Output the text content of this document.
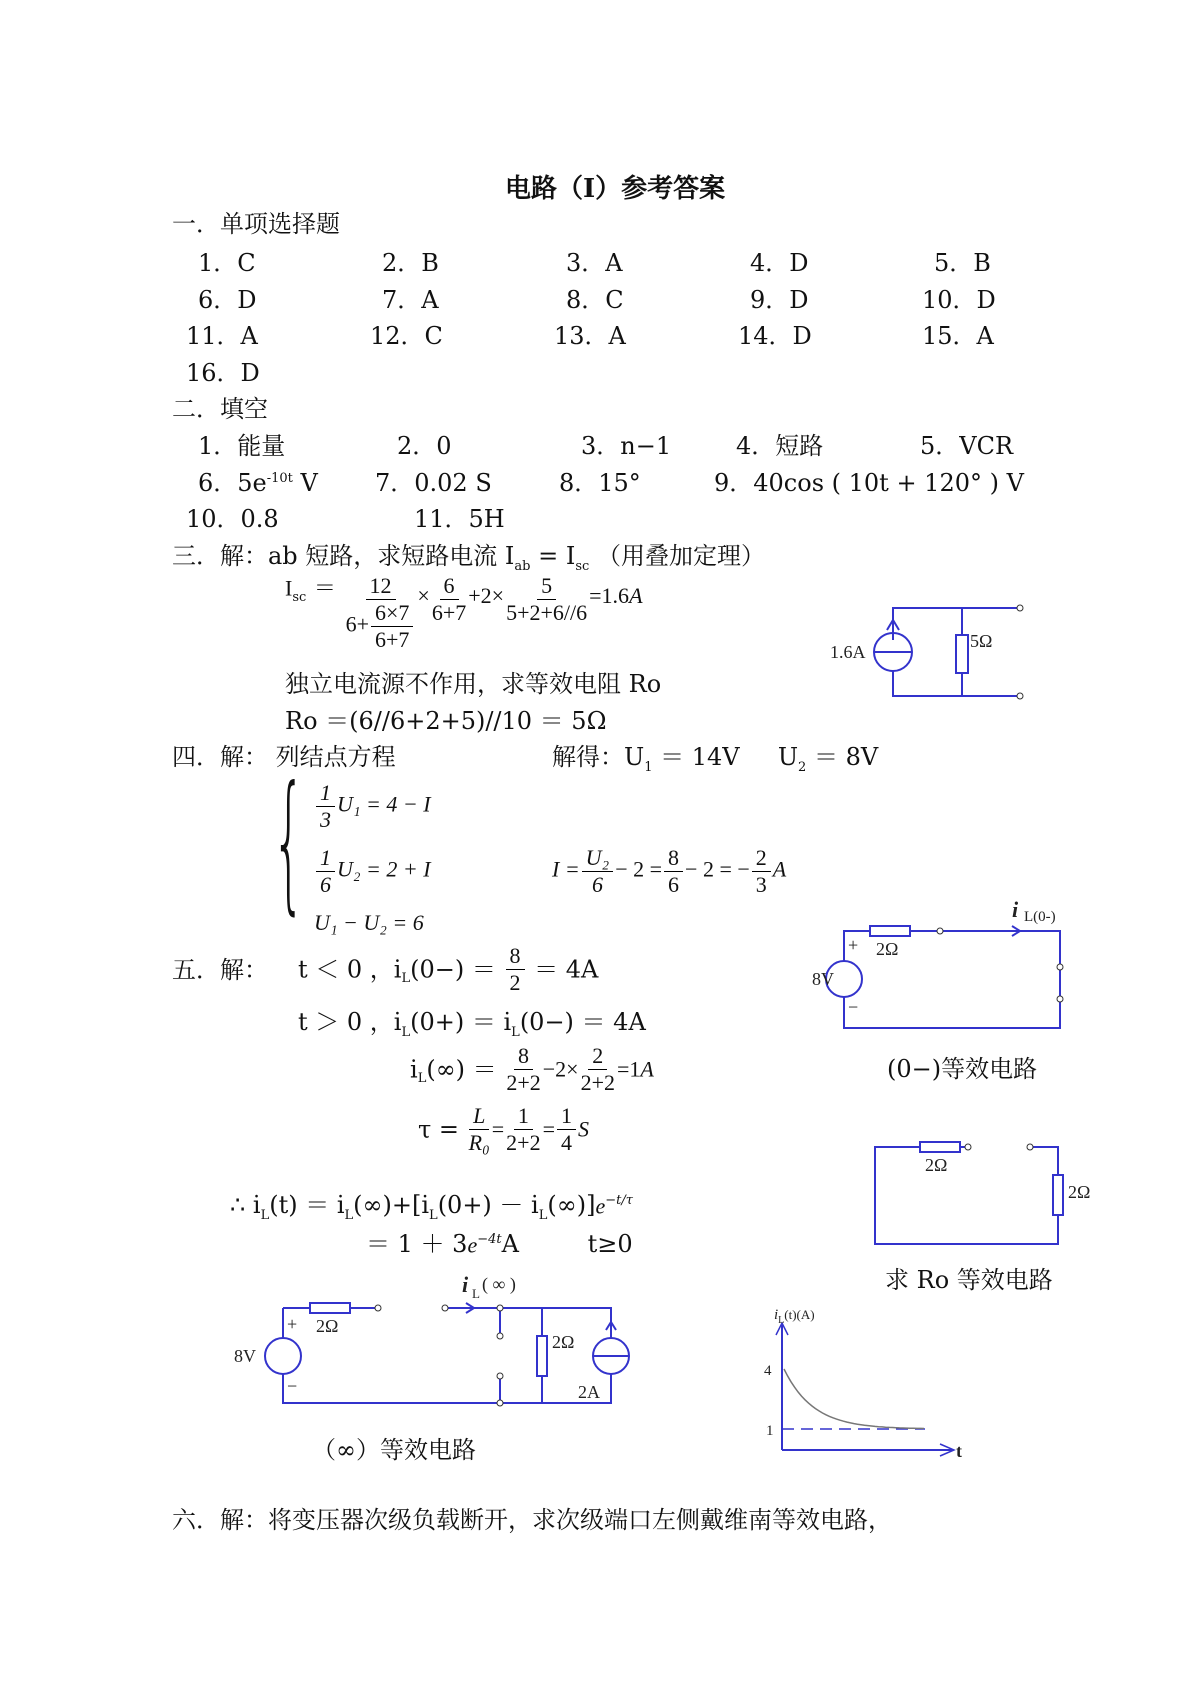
电路（Ⅰ）参考答案
一．单项选择题
1．C	2．B	3．A	4．D	5．B
6．D	7．A	8．C	9．D	10．D
11．A	12．C	13．A	14．D	15．A
16．D
二．填空
1．能量	2．0	3．n−1	4．短路	5．VCR
6．$5e^{-10t}$ V 7．0.02 S	8．15°	9．40cos ( 10t + 120° ) V
10．0.8	11．5H
三．解：ab 短路，求短路电流 $I_{ab} = I_{sc}$ （用叠加定理）
$I_{sc} = \frac{12}{6+ \frac{6\times 7}{6+7}} \times \frac{6}{6+7} +2\times \frac{5}{5+2+6//6} =1.6A$
独立电流源不作用，求等效电阻 Ro
Ro ＝(6//6+2+5)//10 ＝ 5Ω
1.6A
5Ω
四．解： 列结点方程	解得：$U_1 = 14V$ $U_2 = 8V$
{ $\frac{1}{3} U_1 = 4 - I$
$\frac{1}{6} U_2 = 2 + I$
U₁ − U₂ = 6
$I = \frac{\text{U₂}}{6} - 2 = \frac{8}{6} - 2$ = − $\frac{2}{3}$ A
五．解： t ＜ 0 ，$i_L(0-) = \frac{8}{2} = 4A$
t ＞ 0 ，$i_L(0+) = i_L(0-) = 4A$
$i_L(\infty) = \frac{8}{2+2} -2\times \frac{2}{2+2} =1A$
$\tau = \frac{L}{\text{R₀}} = \frac{1}{2+2} = \frac{1}{4}$ S
∴ $i_L(t) = i_L(\infty)+[i_L(0+) - i_L(\infty)]e^{-t/\tau}$
＝ $1 + 3e^{-4t}A$	t≥0
8V
+
−
2Ω
i L(0-)
(0−)等效电路
2Ω
2Ω
求 Ro 等效电路
8V
+
−
2Ω
2Ω
2A
i L ( ∞ )
（∞）等效电路
4
1
t
$i_L(t)(A)$
六．解：将变压器次级负载断开，求次级端口左侧戴维南等效电路，
